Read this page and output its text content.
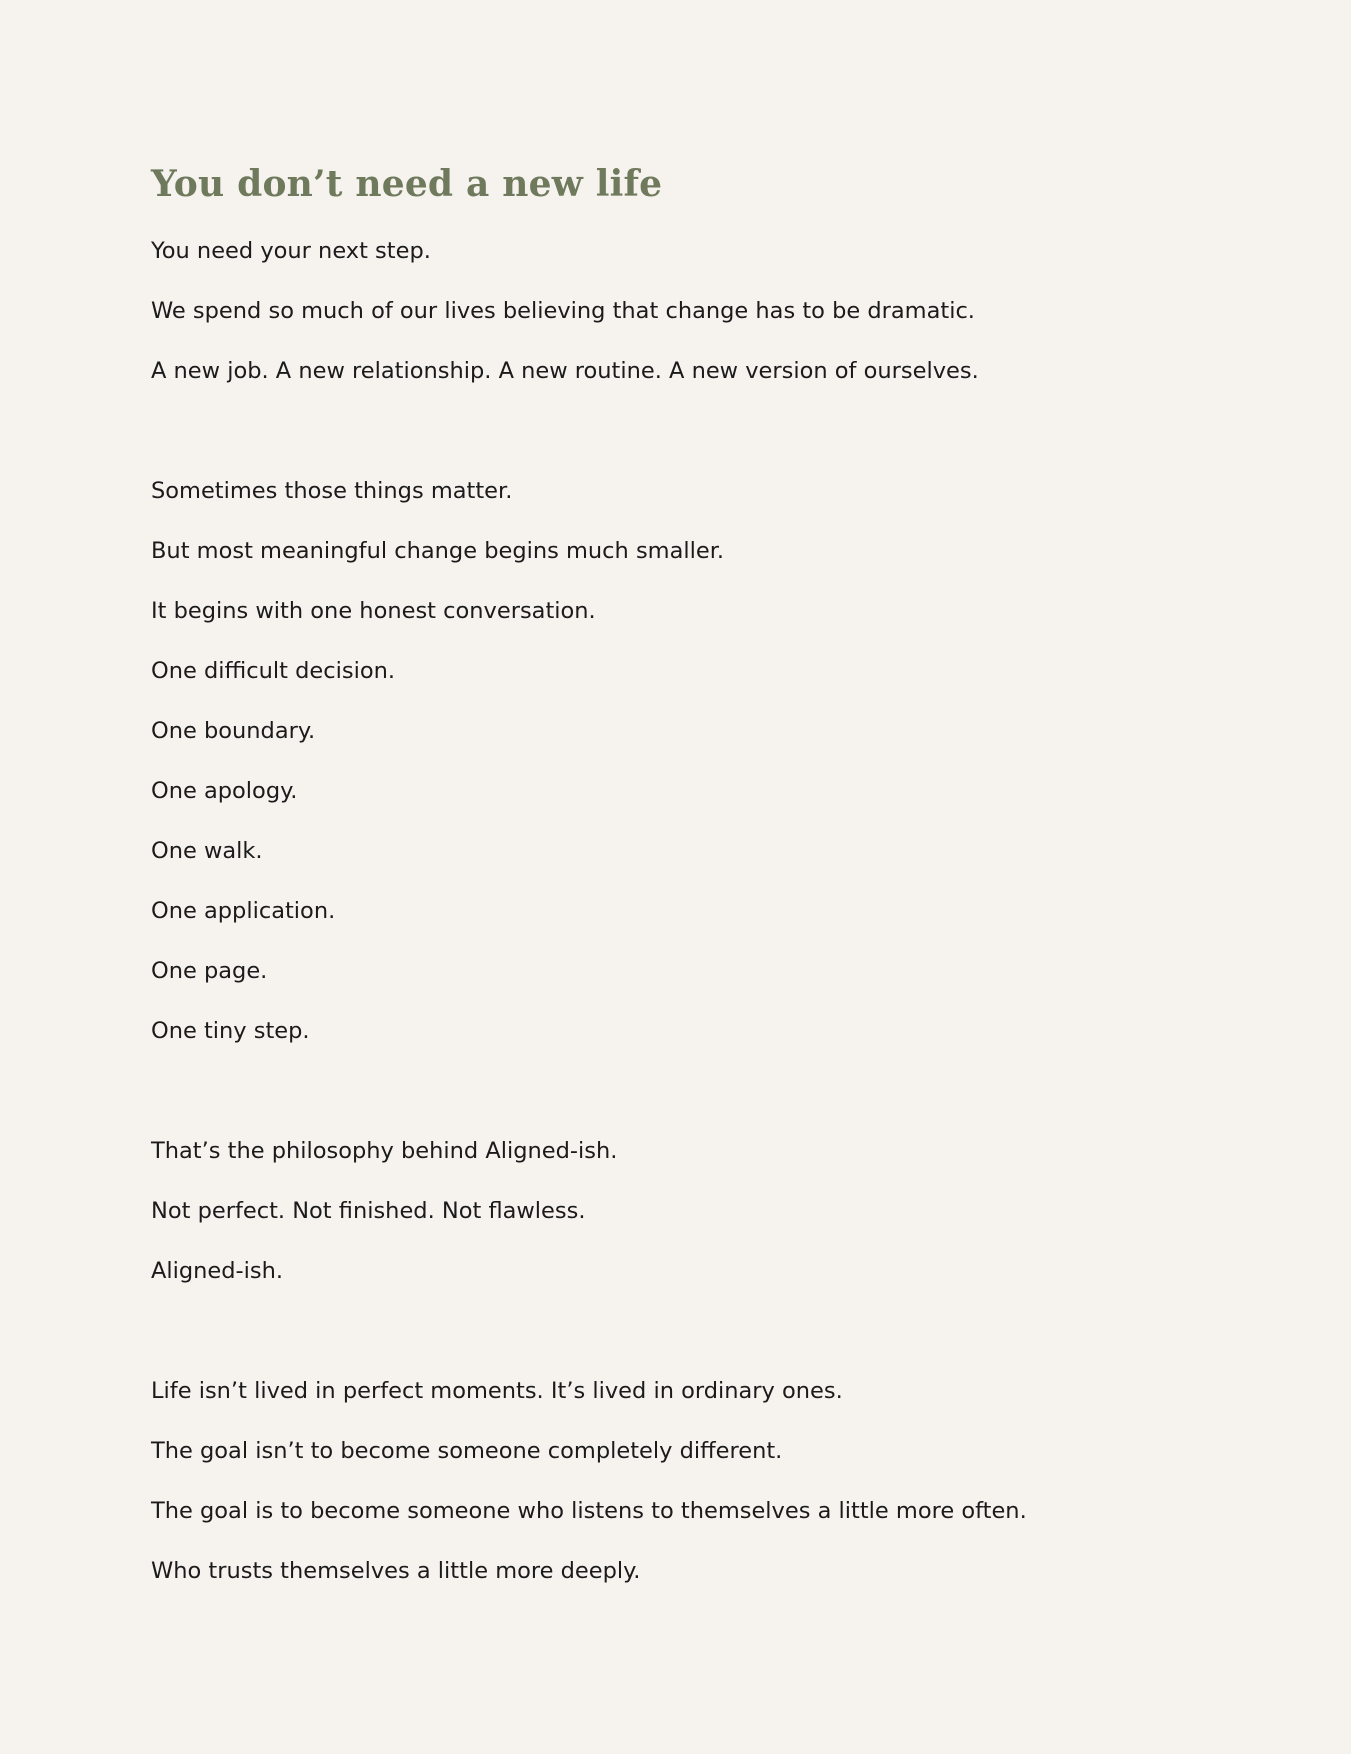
You don’t need a new life

You need your next step.

We spend so much of our lives believing that change has to be dramatic.

A new job. A new relationship. A new routine. A new version of ourselves.

Sometimes those things matter.

But most meaningful change begins much smaller.

It begins with one honest conversation.

One difficult decision.

One boundary.

One apology.

One walk.

One application.

One page.

One tiny step.

That’s the philosophy behind Aligned-ish.

Not perfect. Not finished. Not flawless.

Aligned-ish.

Life isn’t lived in perfect moments. It’s lived in ordinary ones.

The goal isn’t to become someone completely different.

The goal is to become someone who listens to themselves a little more often.

Who trusts themselves a little more deeply.
